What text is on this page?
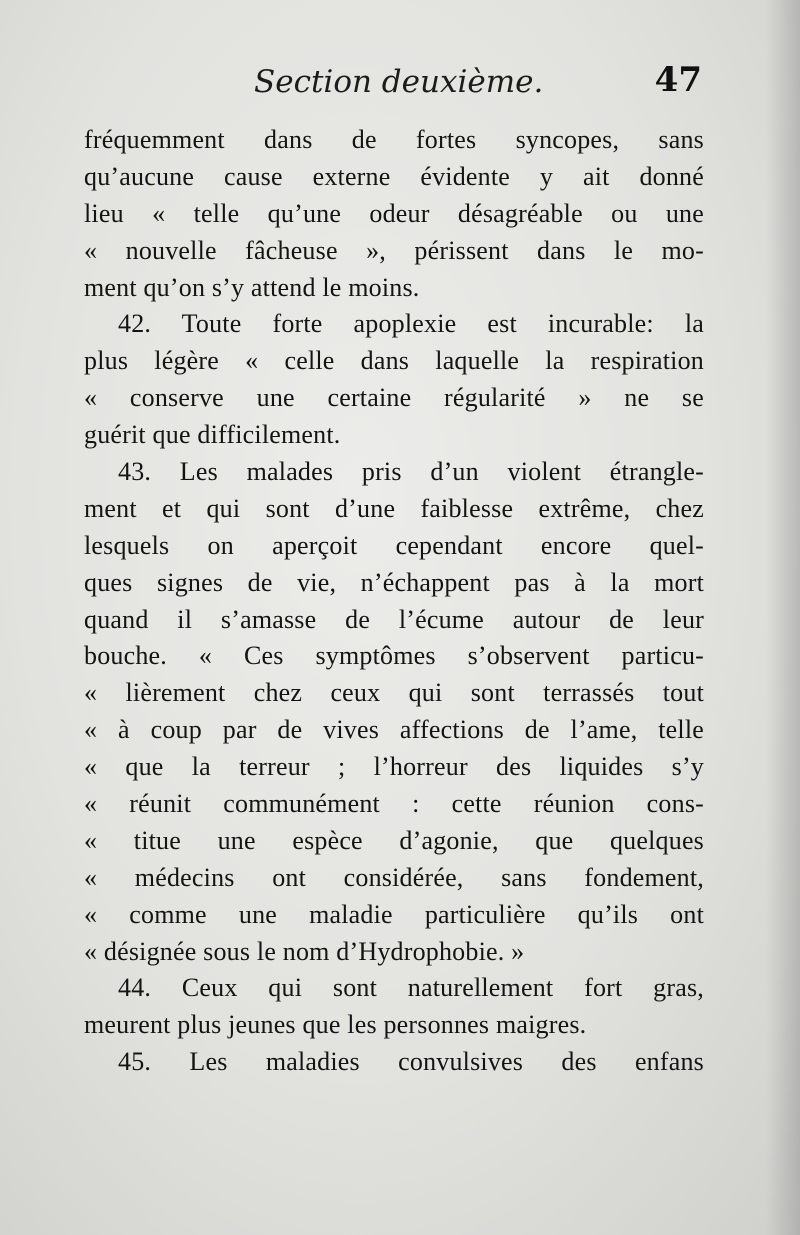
Section deuxième.	47
fréquemment dans de fortes syncopes, sans
qu’aucune cause externe évidente y ait donné
lieu « telle qu’une odeur désagréable ou une
« nouvelle fâcheuse », périssent dans le mo-
ment qu’on s’y attend le moins.
42. Toute forte apoplexie est incurable: la
plus légère « celle dans laquelle la respiration
« conserve une certaine régularité » ne se
guérit que difficilement.
43. Les malades pris d’un violent étrangle-
ment et qui sont d’une faiblesse extrême, chez
lesquels on aperçoit cependant encore quel-
ques signes de vie, n’échappent pas à la mort
quand il s’amasse de l’écume autour de leur
bouche. « Ces symptômes s’observent particu-
« lièrement chez ceux qui sont terrassés tout
« à coup par de vives affections de l’ame, telle
« que la terreur ; l’horreur des liquides s’y
« réunit communément : cette réunion cons-
« titue une espèce d’agonie, que quelques
« médecins ont considérée, sans fondement,
« comme une maladie particulière qu’ils ont
« désignée sous le nom d’Hydrophobie. »
44. Ceux qui sont naturellement fort gras,
meurent plus jeunes que les personnes maigres.
45. Les maladies convulsives des enfans
